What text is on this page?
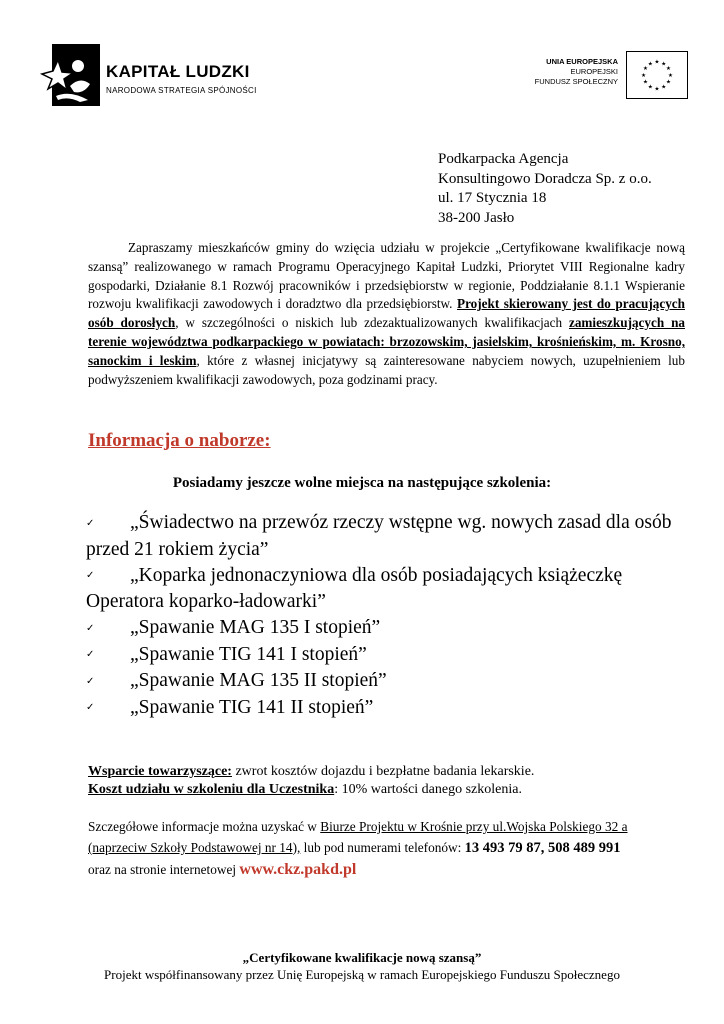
KAPITAŁ LUDZKI
NARODOWA STRATEGIA SPÓJNOŚCI
UNIA EUROPEJSKA
EUROPEJSKI
FUNDUSZ SPOŁECZNY
★ ★
★
★
★
★
★
★
★
★
★
★
Podkarpacka Agencja
Konsultingowo Doradcza Sp. z o.o.
ul. 17 Stycznia 18
38-200 Jasło

Zapraszamy mieszkańców gminy do wzięcia udziału w projekcie „Certyfikowane kwalifikacje nową szansą” realizowanego w ramach Programu Operacyjnego Kapitał Ludzki, Priorytet VIII Regionalne kadry gospodarki, Działanie 8.1 Rozwój pracowników i przedsiębiorstw w regionie, Poddziałanie 8.1.1 Wspieranie rozwoju kwalifikacji zawodowych i doradztwo dla przedsiębiorstw. Projekt skierowany jest do pracujących osób dorosłych, w szczególności o niskich lub zdezaktualizowanych kwalifikacjach zamieszkujących na terenie województwa podkarpackiego w powiatach: brzozowskim, jasielskim, krośnieńskim, m. Krosno, sanockim i leskim, które z własnej inicjatywy są zainteresowane nabyciem nowych, uzupełnieniem lub podwyższeniem kwalifikacji zawodowych, poza godzinami pracy.

Informacja o naborze:
Posiadamy jeszcze wolne miejsca na następujące szkolenia:
✓ „Świadectwo na przewóz rzeczy wstępne wg. nowych zasad dla osób przed 21 rokiem życia”
✓ „Koparka jednonaczyniowa dla osób posiadających książeczkę Operatora koparko-ładowarki”
✓ „Spawanie MAG 135 I stopień”
✓ „Spawanie TIG 141 I stopień”
✓ „Spawanie MAG 135 II stopień”
✓ „Spawanie TIG 141 II stopień”
Wsparcie towarzyszące: zwrot kosztów dojazdu i bezpłatne badania lekarskie.
Koszt udziału w szkoleniu dla Uczestnika: 10% wartości danego szkolenia.
Szczegółowe informacje można uzyskać w Biurze Projektu w Krośnie przy ul.Wojska Polskiego 32 a (naprzeciw Szkoły Podstawowej nr 14), lub pod numerami telefonów: 13 493 79 87, 508 489 991
oraz na stronie internetowej www.ckz.pakd.pl
„Certyfikowane kwalifikacje nową szansą”
Projekt współfinansowany przez Unię Europejską w ramach Europejskiego Funduszu Społecznego
